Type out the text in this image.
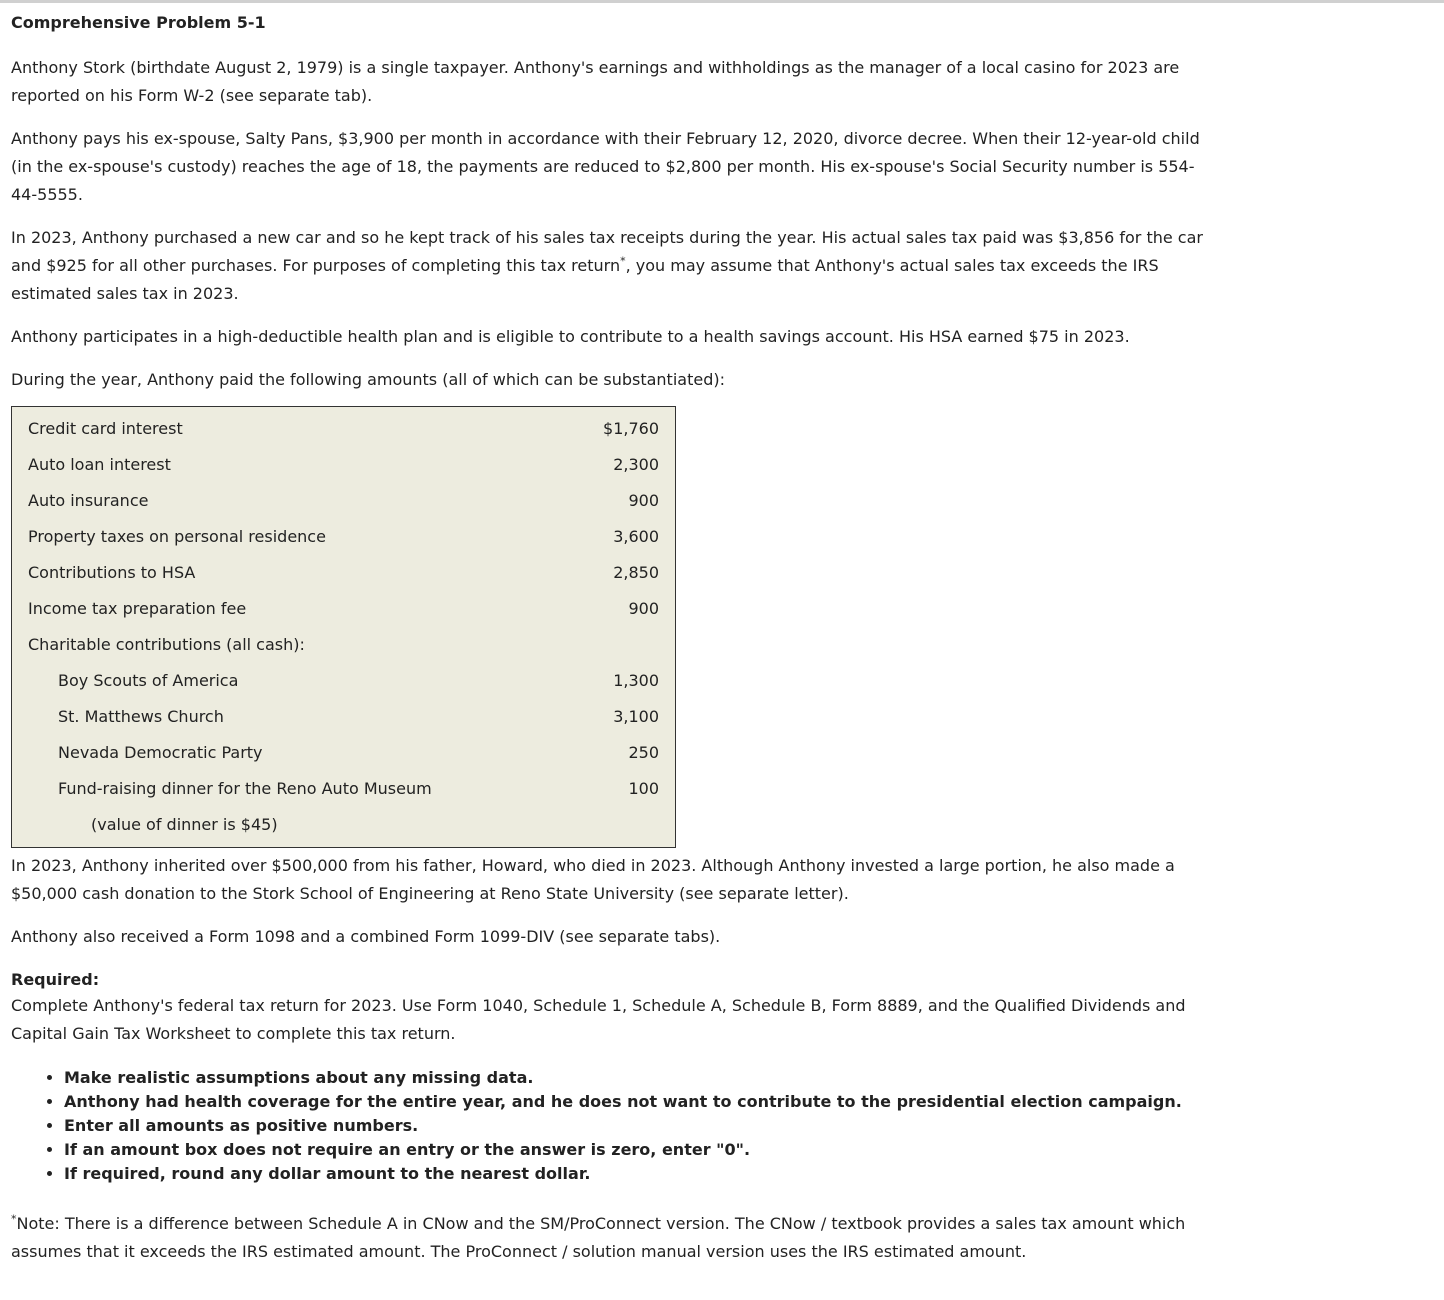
Comprehensive Problem 5-1

Anthony Stork (birthdate August 2, 1979) is a single taxpayer. Anthony's earnings and withholdings as the manager of a local casino for 2023 are reported on his Form W-2 (see separate tab).

Anthony pays his ex-spouse, Salty Pans, $3,900 per month in accordance with their February 12, 2020, divorce decree. When their 12-year-old child (in the ex-spouse's custody) reaches the age of 18, the payments are reduced to $2,800 per month. His ex-spouse's Social Security number is 554-44-5555.

In 2023, Anthony purchased a new car and so he kept track of his sales tax receipts during the year. His actual sales tax paid was $3,856 for the car and $925 for all other purchases. For purposes of completing this tax return*, you may assume that Anthony's actual sales tax exceeds the IRS estimated sales tax in 2023.

Anthony participates in a high-deductible health plan and is eligible to contribute to a health savings account. His HSA earned $75 in 2023.

During the year, Anthony paid the following amounts (all of which can be substantiated):

Credit card interest	$1,760
Auto loan interest	2,300
Auto insurance	900
Property taxes on personal residence	3,600
Contributions to HSA	2,850
Income tax preparation fee	900
Charitable contributions (all cash):
Boy Scouts of America	1,300
St. Matthews Church	3,100
Nevada Democratic Party	250
Fund-raising dinner for the Reno Auto Museum	100
(value of dinner is $45)

In 2023, Anthony inherited over $500,000 from his father, Howard, who died in 2023. Although Anthony invested a large portion, he also made a $50,000 cash donation to the Stork School of Engineering at Reno State University (see separate letter).

Anthony also received a Form 1098 and a combined Form 1099-DIV (see separate tabs).

Required:
Complete Anthony's federal tax return for 2023. Use Form 1040, Schedule 1, Schedule A, Schedule B, Form 8889, and the Qualified Dividends and Capital Gain Tax Worksheet to complete this tax return.
• Make realistic assumptions about any missing data.
• Anthony had health coverage for the entire year, and he does not want to contribute to the presidential election campaign.
• Enter all amounts as positive numbers.
• If an amount box does not require an entry or the answer is zero, enter "0".
• If required, round any dollar amount to the nearest dollar.

*Note: There is a difference between Schedule A in CNow and the SM/ProConnect version. The CNow / textbook provides a sales tax amount which assumes that it exceeds the IRS estimated amount. The ProConnect / solution manual version uses the IRS estimated amount.
